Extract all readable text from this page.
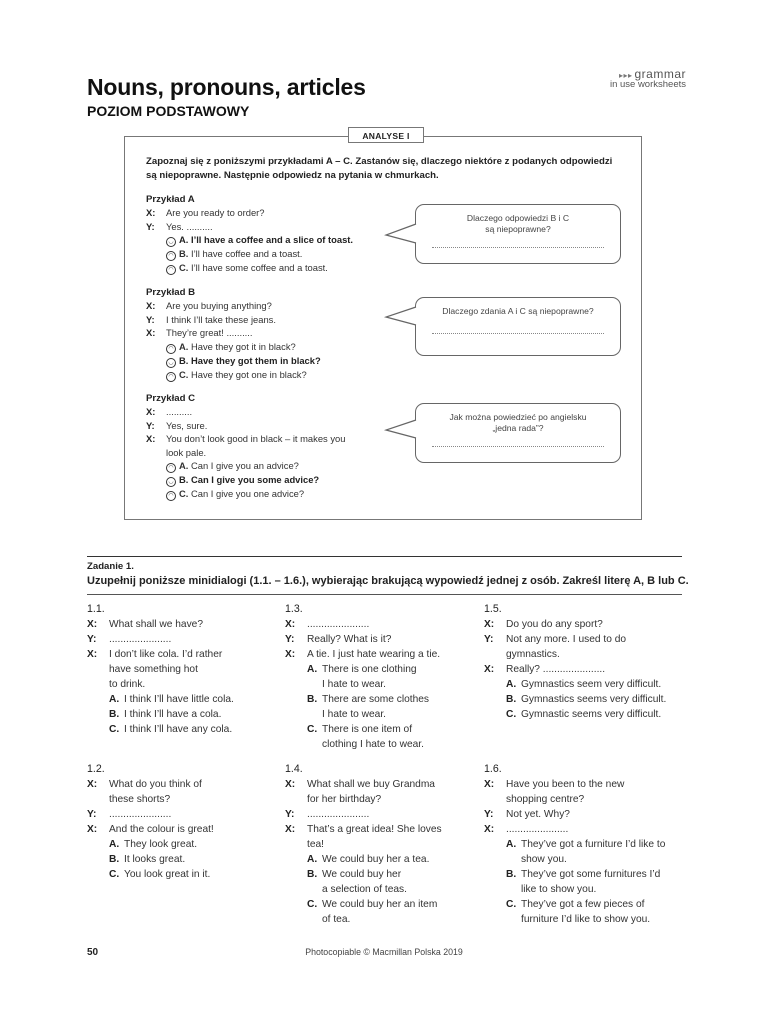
Nouns, pronouns, articles
POZIOM PODSTAWOWY
▸▸▸ grammar
in use worksheets
ANALYSE I
Zapoznaj się z poniższymi przykładami A – C. Zastanów się, dlaczego niektóre z podanych odpowiedzi
są niepoprawne. Następnie odpowiedz na pytania w chmurkach.
Przykład A
X: Are you ready to order?
Y: Yes. ..........
◡ A. I’ll have a coffee and a slice of toast.
◠ B. I’ll have coffee and a toast.
◠ C. I’ll have some coffee and a toast.
Dlaczego odpowiedzi B i C
są niepoprawne?
Przykład B
X: Are you buying anything?
Y: I think I’ll take these jeans.
X: They’re great! ..........
◠ A. Have they got it in black?
◡ B. Have they got them in black?
◠ C. Have they got one in black?
Dlaczego zdania A i C są niepoprawne?
Przykład C
X: ..........
Y: Yes, sure.
X: You don’t look good in black – it makes you
look pale.
◠ A. Can I give you an advice?
◡ B. Can I give you some advice?
◠ C. Can I give you one advice?
Jak można powiedzieć po angielsku
„jedna rada”?
Zadanie 1.
Uzupełnij poniższe minidialogi (1.1. – 1.6.), wybierając brakującą wypowiedź jednej z osób. Zakreśl literę A, B lub C.
1.1.
X: What shall we have?
Y: ......................
X: I don’t like cola. I’d rather
have something hot
to drink.
A. I think I’ll have little cola.
B. I think I’ll have a cola.
C. I think I’ll have any cola.
1.2.
X: What do you think of
these shorts?
Y: ......................
X: And the colour is great!
A. They look great.
B. It looks great.
C. You look great in it.
1.3.
X: ......................
Y: Really? What is it?
X: A tie. I just hate wearing a tie.
A. There is one clothing
I hate to wear.
B. There are some clothes
I hate to wear.
C. There is one item of
clothing I hate to wear.
1.4.
X: What shall we buy Grandma
for her birthday?
Y: ......................
X: That’s a great idea! She loves
tea!
A. We could buy her a tea.
B. We could buy her
a selection of teas.
C. We could buy her an item
of tea.
1.5.
X: Do you do any sport?
Y: Not any more. I used to do
gymnastics.
X: Really? ......................
A. Gymnastics seem very difficult.
B. Gymnastics seems very difficult.
C. Gymnastic seems very difficult.
1.6.
X: Have you been to the new
shopping centre?
Y: Not yet. Why?
X: ......................
A. They’ve got a furniture I’d like to
show you.
B. They’ve got some furnitures I’d
like to show you.
C. They’ve got a few pieces of
furniture I’d like to show you.
50	Photocopiable © Macmillan Polska 2019
